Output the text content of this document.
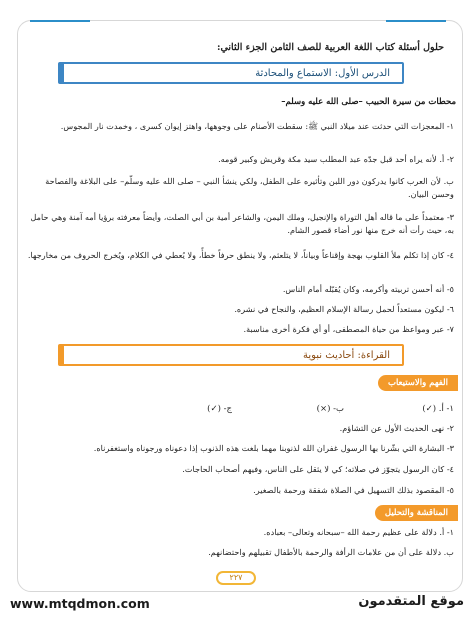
حلول أسئلة كتاب اللغة العربية للصف الثامن الجزء الثاني:
الدرس الأول: الاستماع والمحادثة
محطات من سيرة الحبيب –صلى الله عليه وسلم–
١- المعجزات التي حدثت عند ميلاد النبي ﷺ: سقطت الأصنام على وجوهها، واهتز إيوان كسرى ، وخمدت نار المجوس.
٢- أ. لأنه يراه أحد قبل جدّه عبد المطلب سيد مكة وقريش وكبير قومه.
ب. لأن العرب كانوا يدركون دور اللبن وتأثيره على الطفل، ولكي ينشأ النبي – صلى الله عليه وسلّم– على البلاغة والفصاحة وحسن البيان.
٣- معتمداً على ما قاله أهل التوراة والإنجيل، وملك اليمن، والشاعر أمية بن أبي الصلت، وأيضاً معرفته برؤيا أمه آمنة وهي حامل به، حيث رأت أنه خرج منها نور أضاء قصور الشام.
٤- كان إذا تكلم ملأ القلوب بهجة وإقناعاً وبياناً، لا يتلعثم، ولا ينطق حرفاً خطأً، ولا يُعطي في الكلام، ويُخرج الحروف من مخارجها.
٥- أنه أحسن تربيته وأكرمه، وكان يُقبّله أمام الناس.
٦- ليكون مستعداً لحمل رسالة الإسلام العظيم، والنجاح في نشره.
٧- عبر ومواعظ من حياة المصطفى، أو أي فكرة أخرى مناسبة.
القراءة: أحاديث نبوية
الفهم والاستيعاب
١- أ. (✓)
ب- (×)
ج- (✓)
٢- نهى الحديث الأول عن التشاؤم.
٣- البشارة التي بشّرنا بها الرسول غفران الله لذنوبنا مهما بلغت هذه الذنوب إذا دعوناه ورجوناه واستغفرناه.
٤- كان الرسول يتجوّز في صلاته؛ كي لا يثقل على الناس، وفيهم أصحاب الحاجات.
٥- المقصود بذلك التسهيل في الصلاة شفقة ورحمة بالصغير.
المناقشة والتحليل
١- أ. دلالة على عظيم رحمة الله –سبحانه وتعالى– بعباده.
ب. دلالة على أن من علامات الرأفة والرحمة بالأطفال تقبيلهم واحتضانهم.
٢٢٧
www.mtqdmon.com	موقع المتقدمون
